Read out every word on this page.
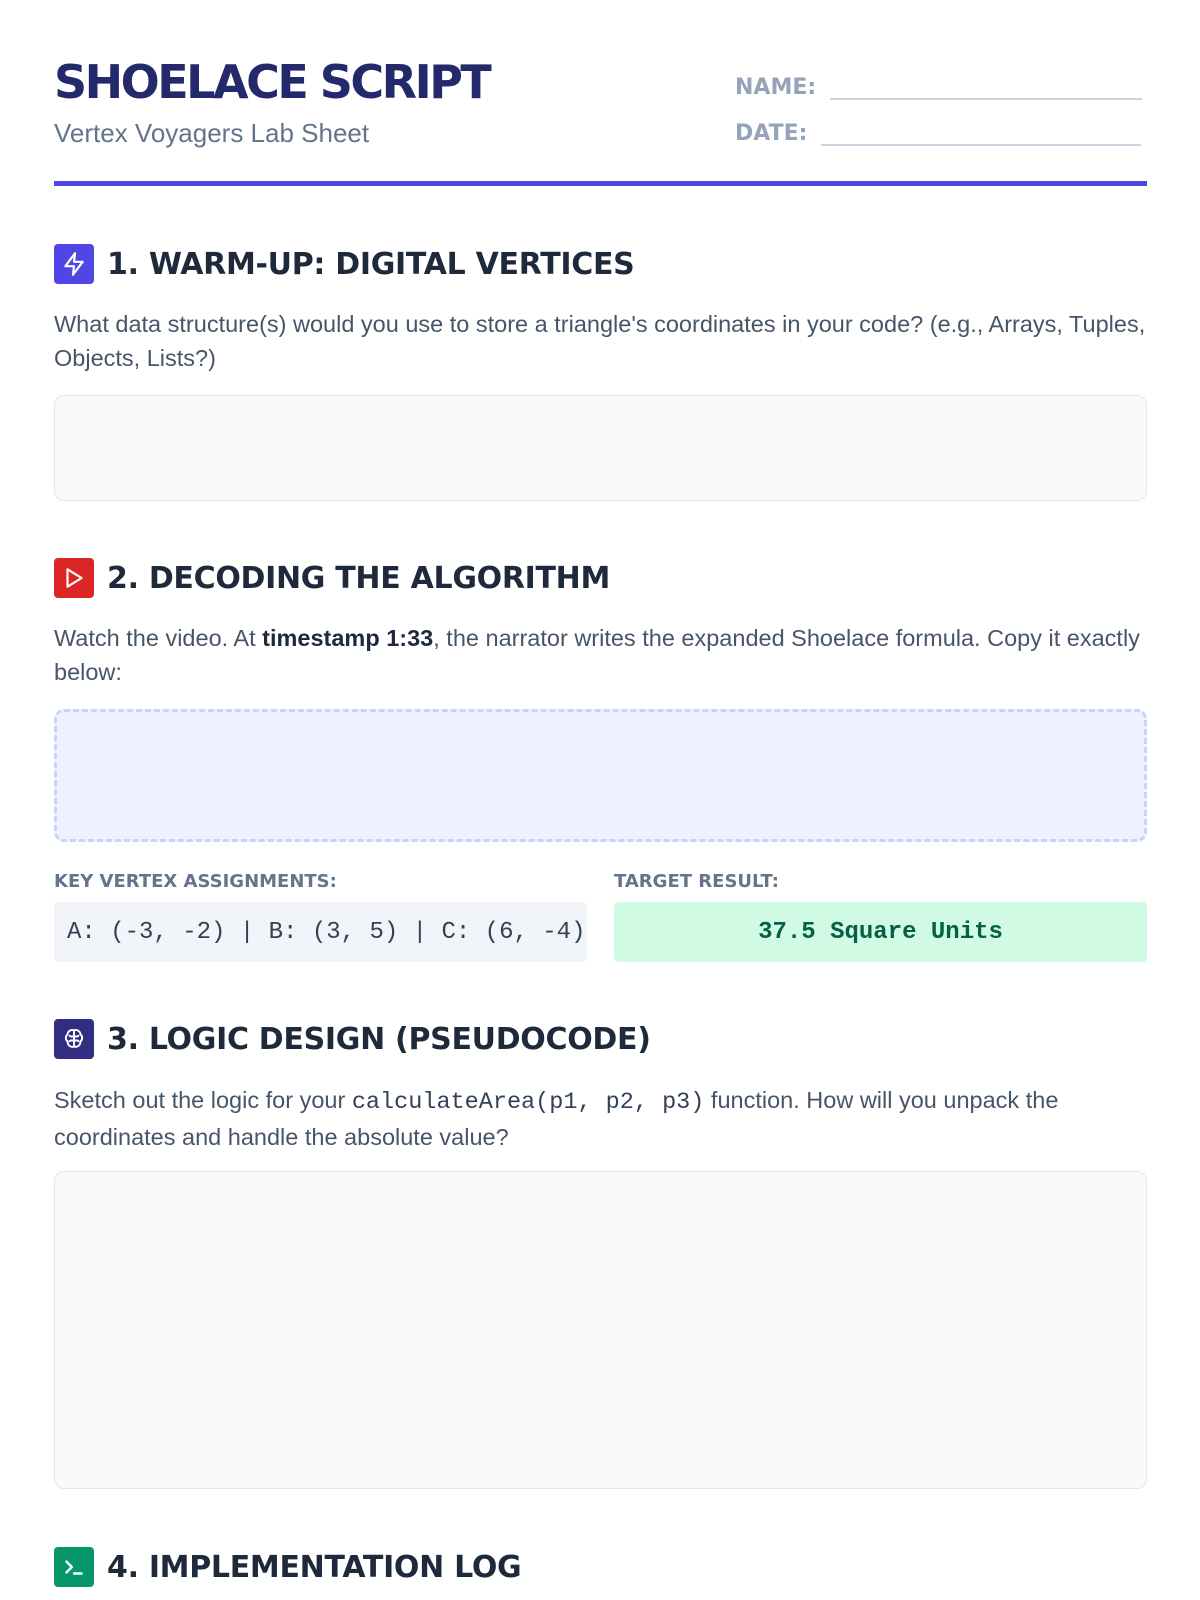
SHOELACE SCRIPT
Vertex Voyagers Lab Sheet
NAME:
DATE:
1. WARM-UP: DIGITAL VERTICES

What data structure(s) would you use to store a triangle's coordinates in your code? (e.g., Arrays, Tuples, Objects, Lists?)

2. DECODING THE ALGORITHM

Watch the video. At timestamp 1:33, the narrator writes the expanded Shoelace formula. Copy it exactly below:

KEY VERTEX ASSIGNMENTS:	TARGET RESULT:
A: (-3, -2) | B: (3, 5) | C: (6, -4)	37.5 Square Units
3. LOGIC DESIGN (PSEUDOCODE)

Sketch out the logic for your calculateArea(p1, p2, p3) function. How will you unpack the coordinates and handle the absolute value?

4. IMPLEMENTATION LOG
